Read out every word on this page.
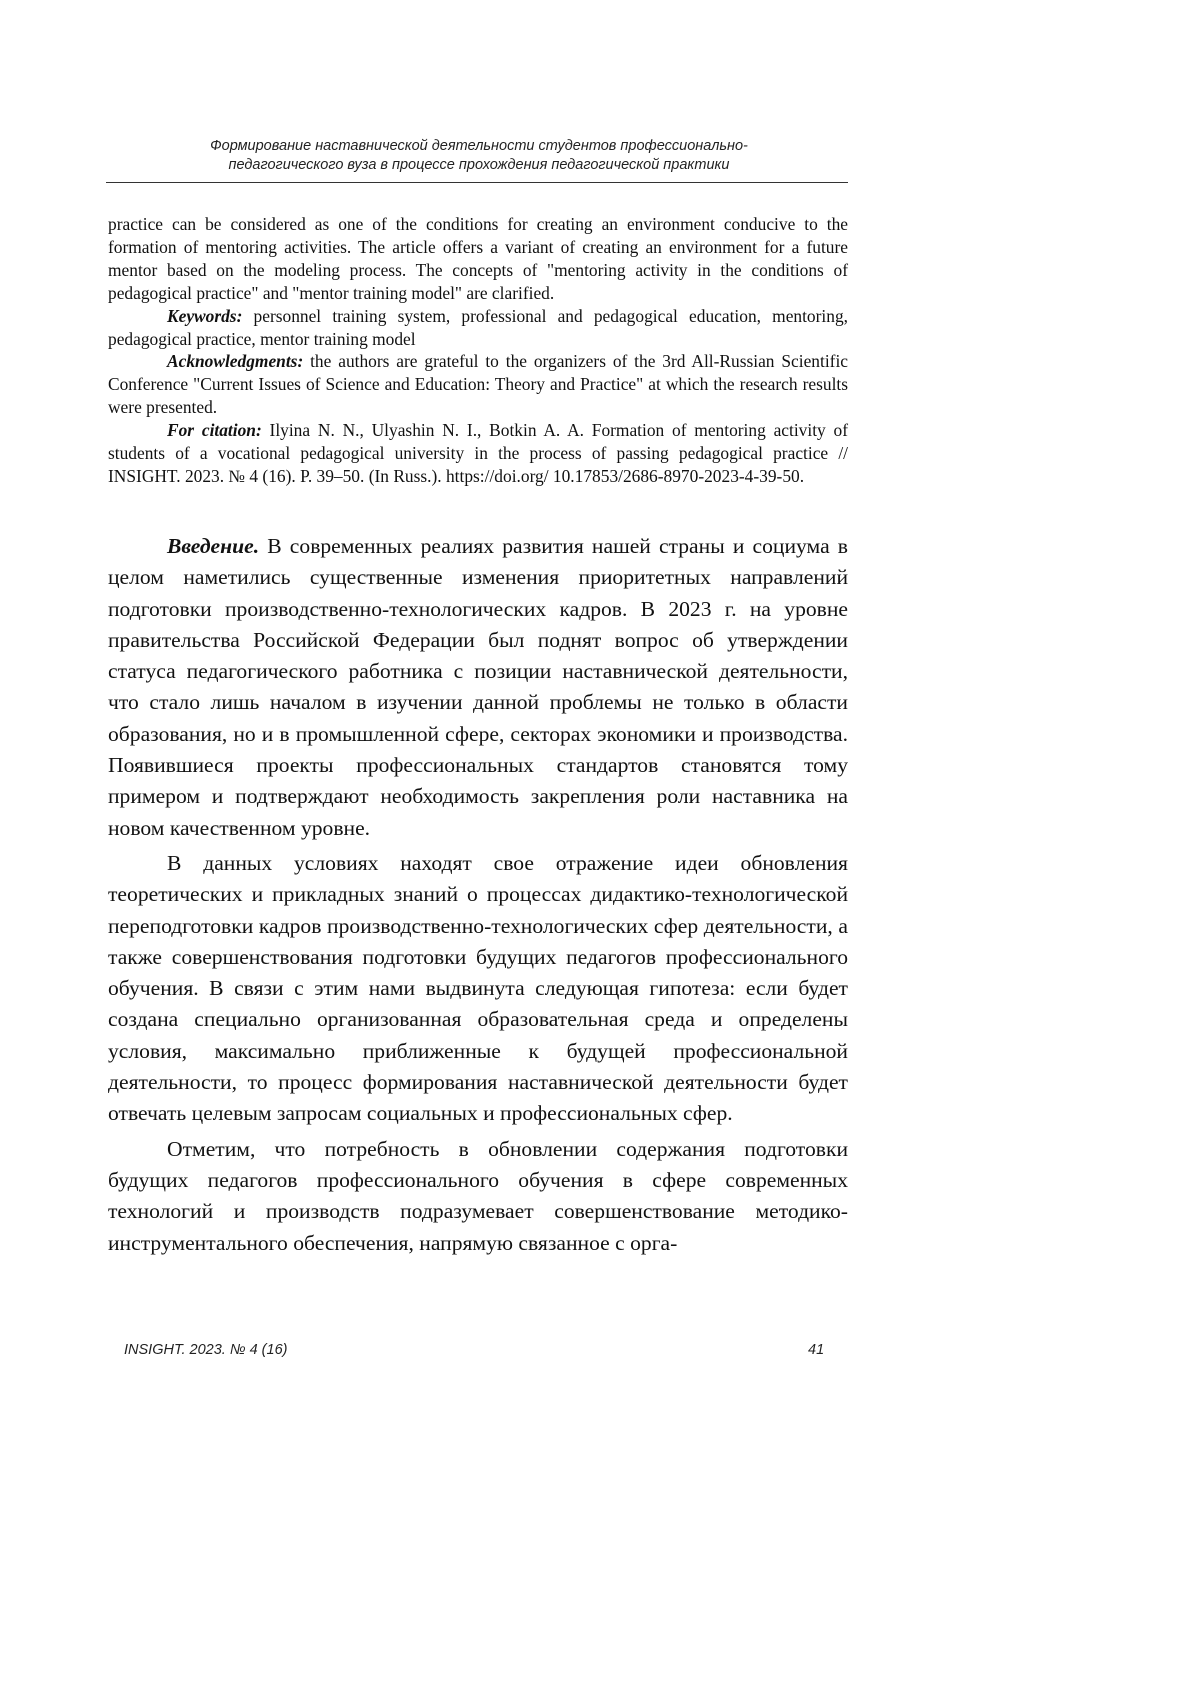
Формирование наставнической деятельности студентов профессионально-
педагогического вуза в процессе прохождения педагогической практики

practice can be considered as one of the conditions for creating an environment conducive to the formation of mentoring activities. The article offers a variant of creating an environment for a future mentor based on the modeling process. The concepts of "mentoring activity in the conditions of pedagogical practice" and "mentor training model" are clarified.

Keywords: personnel training system, professional and pedagogical education, mentoring, pedagogical practice, mentor training model

Acknowledgments: the authors are grateful to the organizers of the 3rd All-Russian Scientific Conference "Current Issues of Science and Education: Theory and Practice" at which the research results were presented.

For citation: Ilyina N. N., Ulyashin N. I., Botkin A. A. Formation of mentoring activity of students of a vocational pedagogical university in the process of passing pedagogical practice // INSIGHT. 2023. № 4 (16). P. 39–50. (In Russ.). https://doi.org/ 10.17853/2686-8970-2023-4-39-50.

Введение. В современных реалиях развития нашей страны и социума в целом наметились существенные изменения приоритетных направлений подготовки производственно-технологических кадров. В 2023 г. на уровне правительства Российской Федерации был поднят вопрос об утверждении статуса педагогического работника с позиции наставнической деятельности, что стало лишь началом в изучении данной проблемы не только в области образования, но и в промышленной сфере, секторах экономики и производства. Появившиеся проекты профессиональных стандартов становятся тому примером и подтверждают необходимость закрепления роли наставника на новом качественном уровне.

В данных условиях находят свое отражение идеи обновления теоретических и прикладных знаний о процессах дидактико-технологической переподготовки кадров производственно-технологических сфер деятельности, а также совершенствования подготовки будущих педагогов профессионального обучения. В связи с этим нами выдвинута следующая гипотеза: если будет создана специально организованная образовательная среда и определены условия, максимально приближенные к будущей профессиональной деятельности, то процесс формирования наставнической деятельности будет отвечать целевым запросам социальных и профессиональных сфер.

Отметим, что потребность в обновлении содержания подготовки будущих педагогов профессионального обучения в сфере современных технологий и производств подразумевает совершенствование методико-инструментального обеспечения, напрямую связанное с орга-

INSIGHT. 2023. № 4 (16)	41
